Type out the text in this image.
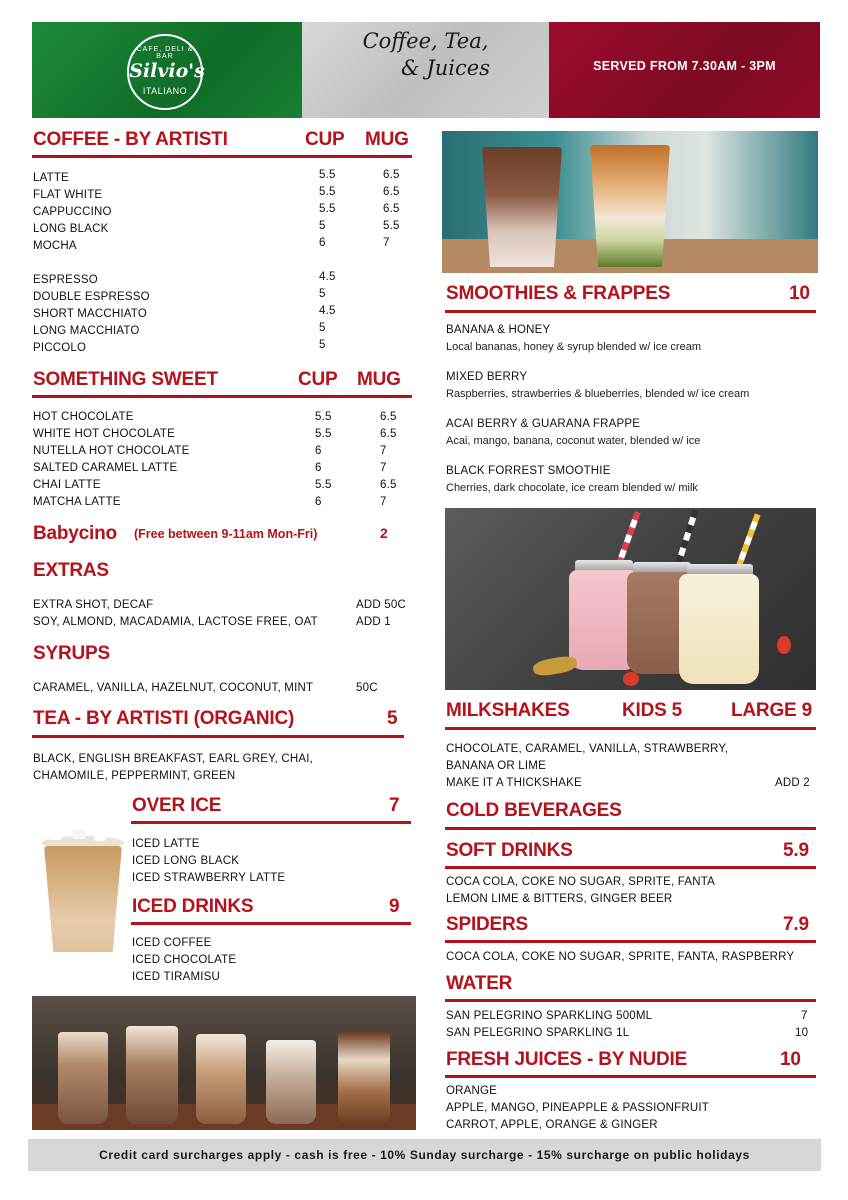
CAFE, DELI & BAR
Silvio's
ITALIANO
Coffee, Tea,
& Juices	SERVED FROM 7.30AM - 3PM
COFFEE - BY ARTISTI	CUP MUG
LATTE	5.5	6.5
FLAT WHITE	5.5	6.5
CAPPUCCINO	5.5	6.5
LONG BLACK	5	5.5
MOCHA	6	7
ESPRESSO	4.5
DOUBLE ESPRESSO	5
SHORT MACCHIATO	4.5
LONG MACCHIATO	5
PICCOLO	5
SOMETHING SWEET	CUP MUG
HOT CHOCOLATE	5.5	6.5
WHITE HOT CHOCOLATE	5.5	6.5
NUTELLA HOT CHOCOLATE	6	7
SALTED CARAMEL LATTE	6	7
CHAI LATTE	5.5	6.5
MATCHA LATTE	6	7
Babycino (Free between 9-11am Mon-Fri)	2
EXTRAS
EXTRA SHOT, DECAF	ADD 50C
SOY, ALMOND, MACADAMIA, LACTOSE FREE, OAT	ADD 1
SYRUPS
CARAMEL, VANILLA, HAZELNUT, COCONUT, MINT	50C
TEA - BY ARTISTI (ORGANIC)	5
BLACK, ENGLISH BREAKFAST, EARL GREY, CHAI,
CHAMOMILE, PEPPERMINT, GREEN
OVER ICE	7
ICED LATTE
ICED LONG BLACK
ICED STRAWBERRY LATTE
ICED DRINKS	9
ICED COFFEE
ICED CHOCOLATE
ICED TIRAMISU
SMOOTHIES & FRAPPES	10
BANANA & HONEY
Local bananas, honey & syrup blended w/ ice cream
MIXED BERRY
Raspberries, strawberries & blueberries, blended w/ ice cream
ACAI BERRY & GUARANA FRAPPE
Acai, mango, banana, coconut water, blended w/ ice
BLACK FORREST SMOOTHIE
Cherries, dark chocolate, ice cream blended w/ milk
MILKSHAKES	KIDS 5	LARGE 9
CHOCOLATE, CARAMEL, VANILLA, STRAWBERRY,
BANANA OR LIME
MAKE IT A THICKSHAKE	ADD 2
COLD BEVERAGES
SOFT DRINKS	5.9
COCA COLA, COKE NO SUGAR, SPRITE, FANTA
LEMON LIME & BITTERS, GINGER BEER
SPIDERS	7.9
COCA COLA, COKE NO SUGAR, SPRITE, FANTA, RASPBERRY
WATER
SAN PELEGRINO SPARKLING 500ML	7
SAN PELEGRINO SPARKLING 1L	10
FRESH JUICES - BY NUDIE	10
ORANGE
APPLE, MANGO, PINEAPPLE & PASSIONFRUIT
CARROT, APPLE, ORANGE & GINGER
Credit card surcharges apply - cash is free - 10% Sunday surcharge - 15% surcharge on public holidays
